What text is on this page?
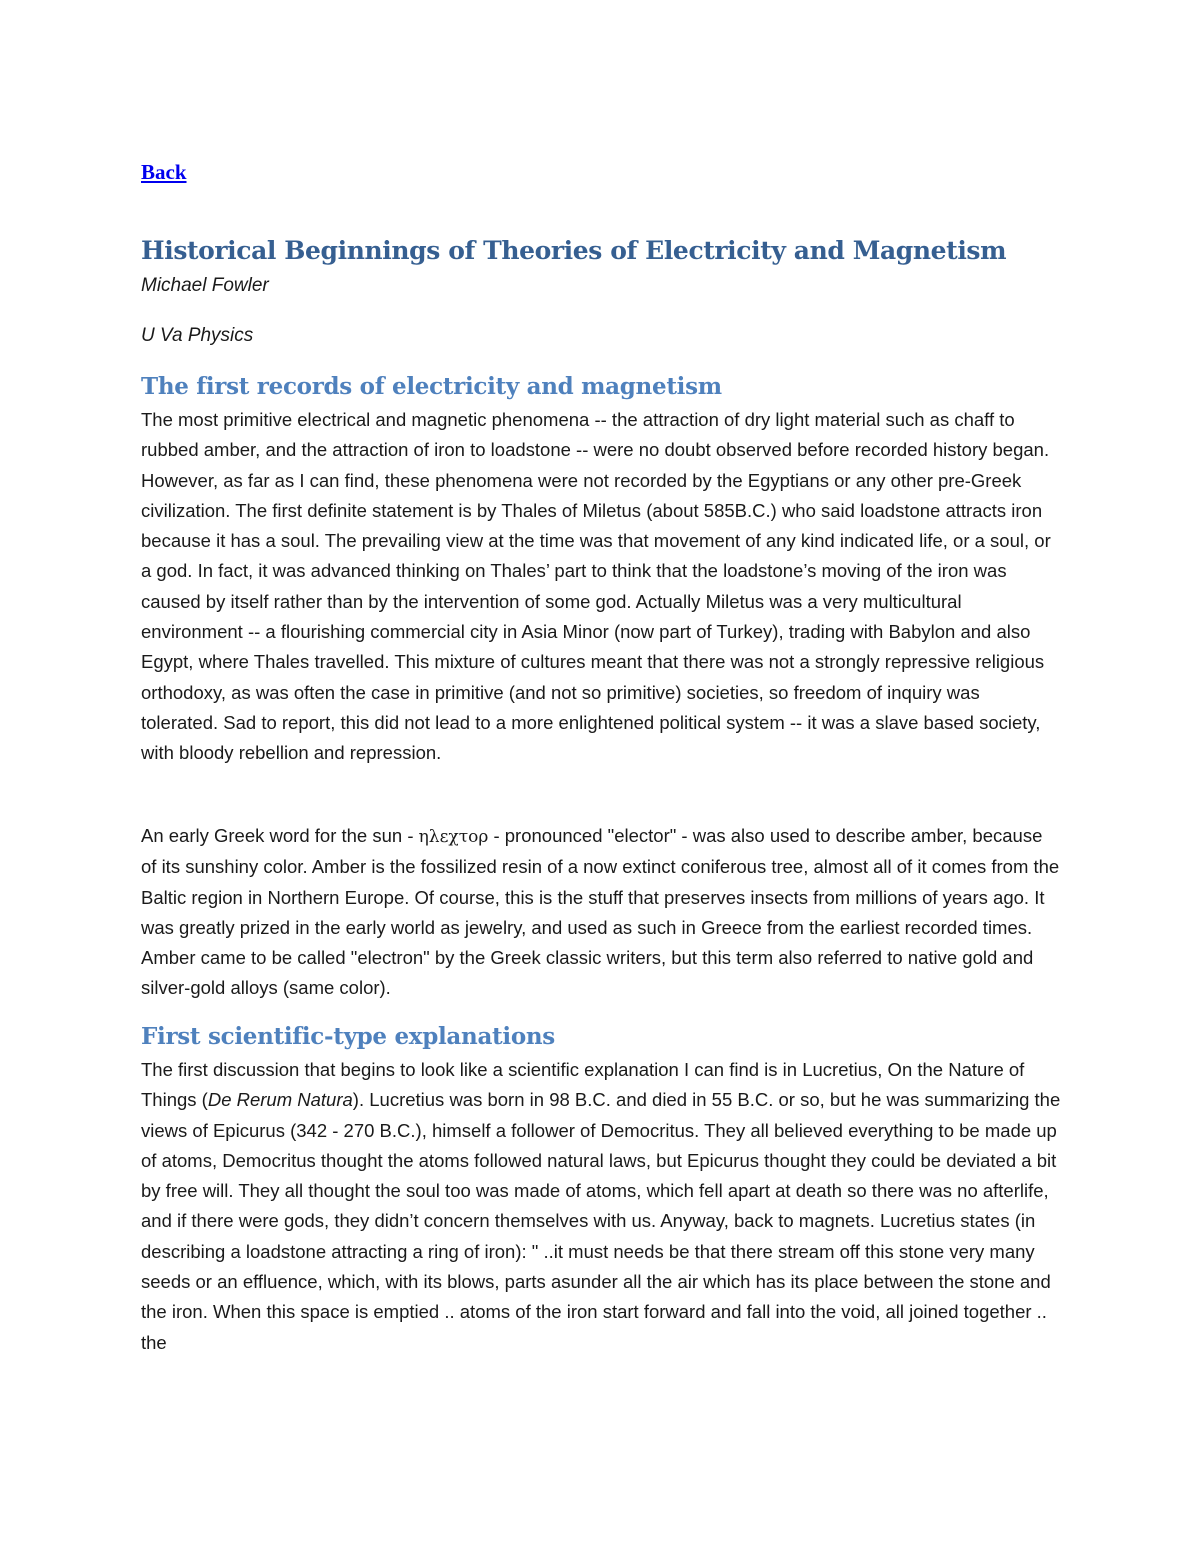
Back
Historical Beginnings of Theories of Electricity and Magnetism
Michael Fowler
U Va Physics
The first records of electricity and magnetism

The most primitive electrical and magnetic phenomena -- the attraction of dry light material such as chaff to rubbed amber, and the attraction of iron to loadstone -- were no doubt observed before recorded history began. However, as far as I can find, these phenomena were not recorded by the Egyptians or any other pre-Greek civilization. The first definite statement is by Thales of Miletus (about 585B.C.) who said loadstone attracts iron because it has a soul. The prevailing view at the time was that movement of any kind indicated life, or a soul, or a god. In fact, it was advanced thinking on Thales’ part to think that the loadstone’s moving of the iron was caused by itself rather than by the intervention of some god. Actually Miletus was a very multicultural environment -- a flourishing commercial city in Asia Minor (now part of Turkey), trading with Babylon and also Egypt, where Thales travelled. This mixture of cultures meant that there was not a strongly repressive religious orthodoxy, as was often the case in primitive (and not so primitive) societies, so freedom of inquiry was tolerated. Sad to report, this did not lead to a more enlightened political system -- it was a slave based society, with bloody rebellion and repression.

An early Greek word for the sun - ηλεχτορ - pronounced "elector" - was also used to describe amber, because of its sunshiny color. Amber is the fossilized resin of a now extinct coniferous tree, almost all of it comes from the Baltic region in Northern Europe. Of course, this is the stuff that preserves insects from millions of years ago. It was greatly prized in the early world as jewelry, and used as such in Greece from the earliest recorded times. Amber came to be called "electron" by the Greek classic writers, but this term also referred to native gold and silver-gold alloys (same color).

First scientific-type explanations

The first discussion that begins to look like a scientific explanation I can find is in Lucretius, On the Nature of Things (De Rerum Natura). Lucretius was born in 98 B.C. and died in 55 B.C. or so, but he was summarizing the views of Epicurus (342 - 270 B.C.), himself a follower of Democritus. They all believed everything to be made up of atoms, Democritus thought the atoms followed natural laws, but Epicurus thought they could be deviated a bit by free will. They all thought the soul too was made of atoms, which fell apart at death so there was no afterlife, and if there were gods, they didn’t concern themselves with us. Anyway, back to magnets. Lucretius states (in describing a loadstone attracting a ring of iron): " ..it must needs be that there stream off this stone very many seeds or an effluence, which, with its blows, parts asunder all the air which has its place between the stone and the iron. When this space is emptied .. atoms of the iron start forward and fall into the void, all joined together .. the
